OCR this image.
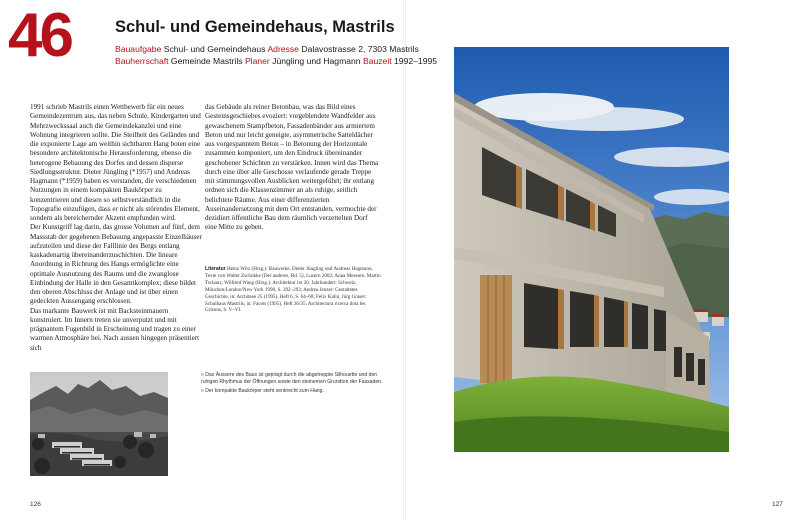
46	Schul- und Gemeindehaus, Mastrils
Bauaufgabe Schul- und Gemeindehaus Adresse Dalavostrasse 2, 7303 Mastrils
Bauherrschaft Gemeinde Mastrils Planer Jüngling und Hagmann Bauzeit 1992–1995

1991 schrieb Mastrils einen Wettbewerb für ein neues Gemeindezentrum aus, das neben Schule, Kindergarten und Mehrzweckssaal auch die Gemeindekanzlei und eine Wohnung integrieren sollte. Die Steilheit des Geländes und die exponierte Lage am weithin sichtbaren Hang boten eine besondere architektonische Herausforderung, ebenso die heterogene Bebauung des Dorfes und dessen disperse Siedlungsstruktur. Dieter Jüngling (*1957) und Andreas Hagmann (*1959) haben es verstanden, die verschiedenen Nutzungen in einem kompakten Baukörper zu konzentrieren und diesen so selbstverständlich in die Topografie einzufügen, dass er nicht als störendes Element, sondern als bereichernder Akzent empfunden wird.

Der Kunstgriff lag darin, das grosse Volumen auf fünf, dem Massstab der gegebenen Bebauung angepasste Einzelhäuser aufzuteilen und diese der Falllinie des Bergs entlang kaskadenartig übereinanderzuschichten. Die lineare Anordnung in Richtung des Hangs ermöglichte eine optimale Ausnutzung des Raums und die zwanglose Einbindung der Halle in den Gesamtkomplex; diese bildet den oberen Abschluss der Anlage und ist über einen gedeckten Aussengang erschlossen.

Das markante Bauwerk ist mit Backsteinmauern konstruiert. Im Innern treten sie unverputzt und mit prägnantem Fugenbild in Erscheinung und tragen zu einer warmen Atmosphäre bei. Nach aussen hingegen präsentiert sich

das Gebäude als reiner Betonbau, was das Bild eines Gesteinsgeschiebes evoziert: vorgeblendete Wandfelder aus gewaschenem Stampfbeton, Fassadenbänder aus armiertem Beton und nur leicht geneigte, asymmetrische Satteldächer aus vorgespanntem Beton – in Betonung der Horizontale zusammen komponiert, um den Eindruck übereinander geschobener Schichten zu verstärken. Innen wird das Thema durch eine über alle Geschosse verlaufende gerade Treppe mit stimmungsvollen Ausblicken weitergeführt; ihr entlang ordnen sich die Klassenzimmer an als ruhige, seitlich belichtete Räume. Aus einer differenzierten Auseinandersetzung mit dem Ort entstanden, vermochte der dezidiert öffentliche Bau dem räumlich verzettelten Dorf eine Mitte zu geben.

Literatur Heinz Wirz (Hrsg.): Bauwerke. Dieter Jüngling und Andreas Hagmann, Texte von Walter Zschokke (Der anderes, Bd. 5), Luzern 2002; Anna Meseure, Martin Tschanz, Wilfried Wang (Hrsg.): Architektur im 20. Jahrhundert: Schweiz, München/London/New York 1998, S. 292–293; Andrea Jenzer: Gestaltetes Geschichte, in: Architese 25 (1995), Heft 6, S. 64–68; Felix Kuhn, Jürg Graser: Schulhaus Mastrils, in: Facets (1995), Heft 36/35: Architectura ricerca dota les Grisons, S. V–VI.

» Das Äussere des Baus ist geprägt durch die abgetreppte Silhouette und den ruhigen Rhythmus der Öffnungen sowie den steinernen Grundton der Fassaden.

» Der kompakte Baukörper steht senkrecht zum Hang.

126	127
